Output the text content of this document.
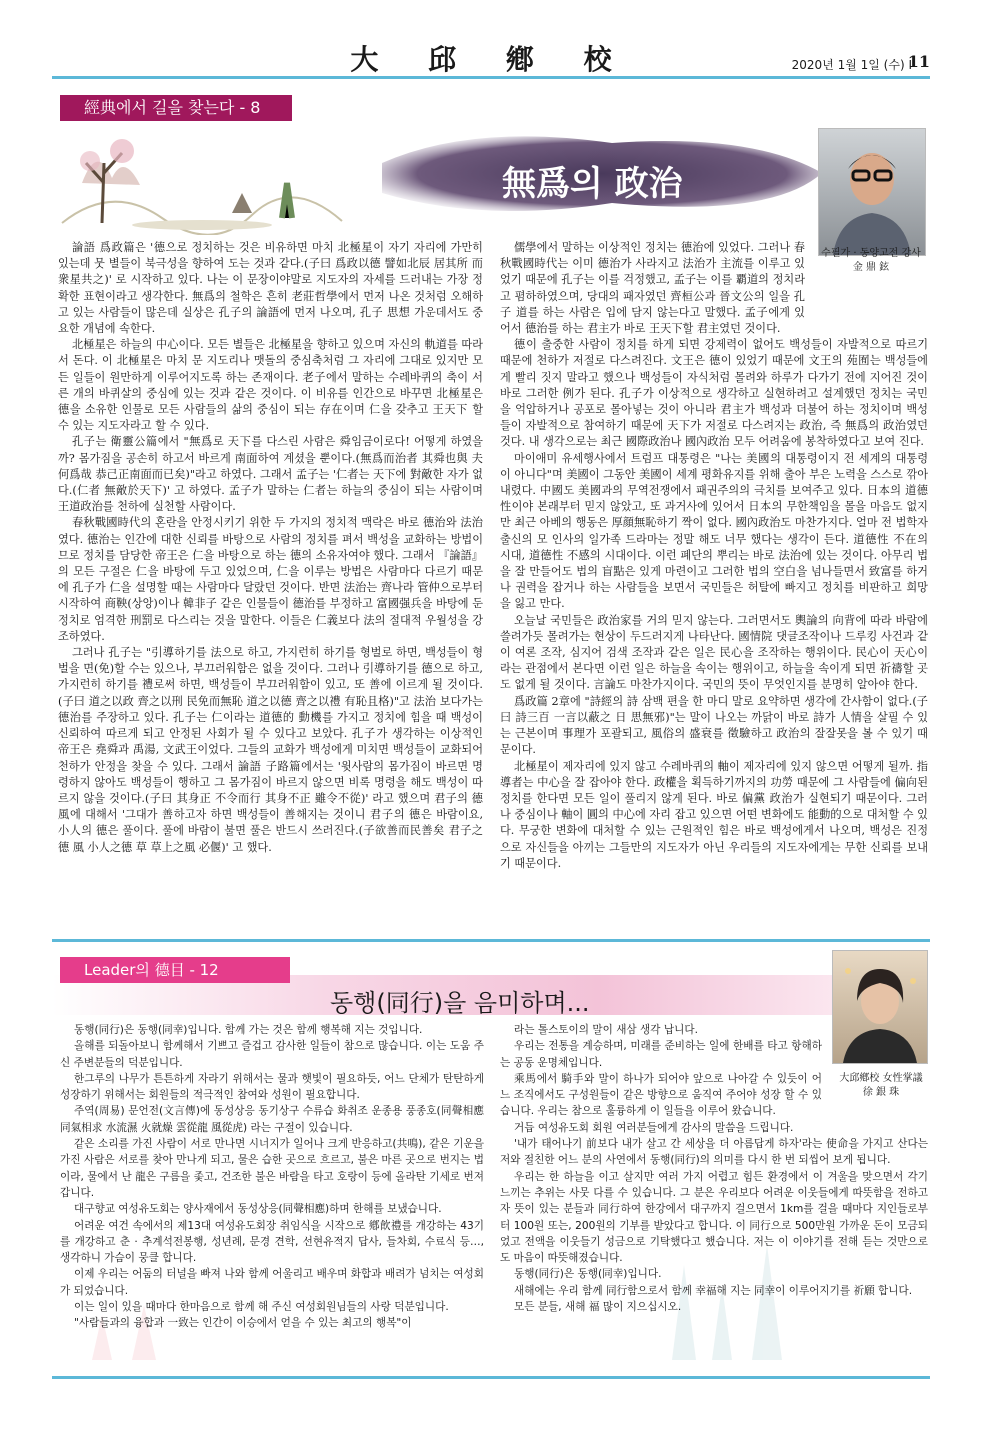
大 邱 鄕 校	2020년 1월 1일 (수) I
11
經典에서 길을 찾는다 - 8
無爲의 政治
수필가 · 동양고전 강사
金 鼎 鉉

論語 爲政篇은 '德으로 정치하는 것은 비유하면 마치 北極星이 자기 자리에 가만히 있는데 뭇 별들이 북극성을 향하여 도는 것과 같다.(子曰 爲政以德 譬如北辰 居其所 而衆星共之)' 로 시작하고 있다. 나는 이 문장이야말로 지도자의 자세를 드러내는 가장 정확한 표현이라고 생각한다. 無爲의 철학은 흔히 老莊哲學에서 먼저 나온 것처럼 오해하고 있는 사람들이 많은데 실상은 孔子의 論語에 먼저 나오며, 孔子 思想 가운데서도 중요한 개념에 속한다.

北極星은 하늘의 中心이다. 모든 별들은 北極星을 향하고 있으며 자신의 軌道를 따라서 돈다. 이 北極星은 마치 문 지도리나 맷돌의 중심축처럼 그 자리에 그대로 있지만 모든 일들이 원만하게 이루어지도록 하는 존재이다. 老子에서 말하는 수레바퀴의 축이 서른 개의 바퀴살의 중심에 있는 것과 같은 것이다. 이 비유를 인간으로 바꾸면 北極星은 德을 소유한 인물로 모든 사람들의 삶의 중심이 되는 存在이며 仁을 갖추고 王天下 할 수 있는 지도자라고 할 수 있다.

孔子는 衛靈公篇에서 "無爲로 天下를 다스린 사람은 舜임금이로다! 어떻게 하였을까? 몸가짐을 공손히 하고서 바르게 南面하여 계셨을 뿐이다.(無爲而治者 其舜也與 夫何爲哉 恭己正南面而已矣)"라고 하였다. 그래서 孟子는 '仁者는 天下에 對敵한 자가 없다.(仁者 無敵於天下)' 고 하였다. 孟子가 말하는 仁者는 하늘의 중심이 되는 사람이며 王道政治를 천하에 실천할 사람이다.

春秋戰國時代의 혼란을 안정시키기 위한 두 가지의 정치적 맥락은 바로 德治와 法治였다. 德治는 인간에 대한 신뢰를 바탕으로 사람의 정치를 펴서 백성을 교화하는 방법이므로 정치를 담당한 帝王은 仁을 바탕으로 하는 德의 소유자여야 했다. 그래서 『論語』의 모든 구절은 仁을 바탕에 두고 있었으며, 仁을 이루는 방법은 사람마다 다르기 때문에 孔子가 仁을 설명할 때는 사람마다 달랐던 것이다. 반면 法治는 齊나라 管仲으로부터 시작하여 商鞅(상앙)이나 韓非子 같은 인물들이 德治를 부정하고 富國强兵을 바탕에 둔 정치로 엄격한 刑罰로 다스리는 것을 말한다. 이들은 仁義보다 法의 절대적 우월성을 강조하였다.

그러나 孔子는 "引導하기를 法으로 하고, 가지런히 하기를 형벌로 하면, 백성들이 형벌을 면(免)할 수는 있으나, 부끄러워함은 없을 것이다. 그러나 引導하기를 德으로 하고, 가지런히 하기를 禮로써 하면, 백성들이 부끄러워함이 있고, 또 善에 이르게 될 것이다.(子曰 道之以政 齊之以刑 民免而無恥 道之以德 齊之以禮 有恥且格)"고 法治 보다가는 德治를 주장하고 있다. 孔子는 仁이라는 道德的 動機를 가지고 정치에 힘을 때 백성이 신뢰하여 따르게 되고 안정된 사회가 될 수 있다고 보았다. 孔子가 생각하는 이상적인 帝王은 堯舜과 禹湯, 文武王이었다. 그들의 교화가 백성에게 미치면 백성들이 교화되어 천하가 안정을 찾을 수 있다. 그래서 論語 子路篇에서는 '윗사람의 몸가짐이 바르면 명령하지 않아도 백성들이 행하고 그 몸가짐이 바르지 않으면 비록 명령을 해도 백성이 따르지 않을 것이다.(子曰 其身正 不令而行 其身不正 雖令不從)' 라고 했으며 君子의 德風에 대해서 '그대가 善하고자 하면 백성들이 善해지는 것이니 君子의 德은 바람이요, 小人의 德은 풀이다. 풀에 바람이 불면 풀은 반드시 쓰러진다.(子欲善而民善矣 君子之德 風 小人之德 草 草上之風 必偃)' 고 했다.

儒學에서 말하는 이상적인 정치는 德治에 있었다. 그러나 春秋戰國時代는 이미 德治가 사라지고 法治가 主流를 이루고 있었기 때문에 孔子는 이를 걱정했고, 孟子는 이를 覇道의 정치라고 폄하하였으며, 당대의 패자였던 齊桓公과 晉文公의 일을 孔子 道를 하는 사람은 입에 담지 않는다고 말했다. 孟子에게 있어서 德治를 하는 君主가 바로 王天下할 君主였던 것이다.

德이 출중한 사람이 정치를 하게 되면 강제력이 없어도 백성들이 자발적으로 따르기 때문에 천하가 저절로 다스려진다. 文王은 德이 있었기 때문에 文王의 苑囿는 백성들에게 빨리 짓지 말라고 했으나 백성들이 자식처럼 몰려와 하루가 다가기 전에 지어진 것이 바로 그러한 例가 된다. 孔子가 이상적으로 생각하고 실현하려고 설계했던 정치는 국민을 억압하거나 공포로 몰아넣는 것이 아니라 君主가 백성과 더불어 하는 정치이며 백성들이 자발적으로 참여하기 때문에 天下가 저절로 다스려지는 政治, 즉 無爲의 政治였던 것다. 내 생각으로는 최근 國際政治나 國內政治 모두 어려움에 봉착하였다고 보여 진다.

마이애미 유세행사에서 트럼프 대통령은 "나는 美國의 대통령이지 전 세계의 대통령이 아니다"며 美國이 그동안 美國이 세계 평화유지를 위해 출아 부은 노력을 스스로 깎아내렸다. 中國도 美國과의 무역전쟁에서 패권주의의 극치를 보여주고 있다. 日本의 道德性이야 본래부터 믿지 않았고, 또 과거사에 있어서 日本의 무한책임을 몰을 마음도 없지만 최근 아베의 행동은 厚顔無恥하기 짝이 없다. 國內政治도 마찬가지다. 얼마 전 법학자 출신의 모 인사의 일가족 드라마는 정말 해도 너무 했다는 생각이 든다. 道德性 不在의 시대, 道德性 不感의 시대이다. 이런 폐단의 뿌리는 바로 法治에 있는 것이다. 아무리 법을 잘 만들어도 법의 盲點은 있게 마련이고 그러한 법의 空白을 넘나들면서 致富를 하거나 권력을 잡거나 하는 사람들을 보면서 국민들은 허탈에 빠지고 정치를 비판하고 희망을 잃고 만다.

오늘날 국민들은 政治家를 거의 믿지 않는다. 그러면서도 輿論의 向背에 따라 바람에 쓸려가듯 몰려가는 현상이 두드러지게 나타난다. 國情院 댓글조작이나 드루킹 사건과 같이 여론 조작, 심지어 검색 조작과 같은 일은 民心을 조작하는 행위이다. 民心이 天心이라는 관점에서 본다면 이런 일은 하늘을 속이는 행위이고, 하늘을 속이게 되면 祈禱할 곳도 없게 될 것이다. 言論도 마찬가지이다. 국민의 뜻이 무엇인지를 분명히 알아야 한다.

爲政篇 2章에 "詩經의 詩 삼백 편을 한 마디 말로 요약하면 생각에 간사함이 없다.(子曰 詩三百 一言以蔽之 日 思無邪)"는 말이 나오는 까닭이 바로 詩가 人情을 살필 수 있는 근본이며 事理가 포괄되고, 風俗의 盛衰를 徵驗하고 政治의 잘잘못을 볼 수 있기 때문이다.

北極星이 제자리에 있지 않고 수레바퀴의 軸이 제자리에 있지 않으면 어떻게 될까. 指導者는 中心을 잘 잡아야 한다. 政權을 획득하기까지의 功勞 때문에 그 사람들에 偏向된 정치를 한다면 모든 일이 풀리지 않게 된다. 바로 偏黨 政治가 실현되기 때문이다. 그러나 중심이나 軸이 圓의 中心에 자리 잡고 있으면 어떤 변화에도 能動的으로 대처할 수 있다. 무궁한 변화에 대처할 수 있는 근원적인 힘은 바로 백성에게서 나오며, 백성은 진정으로 자신들을 아끼는 그들만의 지도자가 아닌 우리들의 지도자에게는 무한 신뢰를 보내기 때문이다.

Leader의 德目 - 12
동행(同行)을 음미하며...
大邱鄕校 女性掌議
徐 銀 珠

동행(同行)은 동행(同幸)입니다. 함께 가는 것은 함께 행복해 지는 것입니다.

올해를 되돌아보니 함께해서 기쁘고 즐겁고 감사한 일들이 참으로 많습니다. 이는 도움 주신 주변분들의 덕분입니다.

한그루의 나무가 튼튼하게 자라기 위해서는 물과 햇빛이 필요하듯, 어느 단체가 탄탄하게 성장하기 위해서는 회원들의 적극적인 참여와 성원이 필요합니다.

주역(周易) 문언전(文言傳)에 동성상응 동기상구 수류습 화취조 운종용 풍종호(同聲相應 同氣相求 水流濕 火就燥 雲從龍 風從虎) 라는 구절이 있습니다.

같은 소리를 가진 사람이 서로 만나면 시너지가 일어나 크게 반응하고(共鳴), 같은 기운을 가진 사람은 서로를 찾아 만나게 되고, 물은 습한 곳으로 흐르고, 불은 마른 곳으로 번지는 법이라, 물에서 난 龍은 구름을 좇고, 건조한 불은 바람을 타고 호랑이 등에 올라탄 기세로 번져갑니다.

대구향교 여성유도회는 양사재에서 동성상응(同聲相應)하며 한해를 보냈습니다.

어려운 여건 속에서의 제13대 여성유도회장 취임식을 시작으로 鄕飮禮를 개강하는 43기를 개강하고 춘 · 추계석전봉행, 성년례, 문경 견학, 선현유적지 답사, 들차회, 수료식 등…, 생각하니 가슴이 뭉클 합니다.

이제 우리는 어둠의 터널을 빠져 나와 함께 어울리고 배우며 화합과 배려가 넘치는 여성회가 되었습니다.

이는 일이 있을 때마다 한마음으로 함께 해 주신 여성회원님들의 사랑 덕분입니다.

"사람들과의 융합과 一致는 인간이 이승에서 얻을 수 있는 최고의 행복"이

라는 톨스토이의 말이 새삼 생각 납니다.

우리는 전통을 계승하며, 미래를 준비하는 일에 한배를 타고 항해하는 공동 운명체입니다.

乘馬에서 騎手와 말이 하나가 되어야 앞으로 나아갈 수 있듯이 어느 조직에서도 구성원들이 같은 방향으로 움직여 주어야 성장 할 수 있습니다. 우리는 참으로 훌륭하게 이 일들을 이루어 왔습니다.

거듭 여성유도회 회원 여러분들에게 감사의 말씀을 드립니다.

'내가 태어나기 前보다 내가 살고 간 세상을 더 아름답게 하자'라는 使命을 가지고 산다는 저와 절친한 어느 분의 사연에서 동행(同行)의 의미를 다시 한 번 되씹어 보게 됩니다.

우리는 한 하늘을 이고 살지만 여러 가지 어렵고 힘든 환경에서 이 겨울을 맞으면서 각기 느끼는 추위는 사뭇 다를 수 있습니다. 그 분은 우리보다 어려운 이웃들에게 따뜻함을 전하고자 뜻이 있는 분들과 同行하여 한강에서 대구까지 걸으면서 1km를 걸을 때마다 지인들로부터 100원 또는, 200원의 기부를 받았다고 합니다. 이 同行으로 500만원 가까운 돈이 모금되었고 전액을 이웃들기 성금으로 기탁했다고 했습니다. 저는 이 이야기를 전해 듣는 것만으로도 마음이 따뜻해졌습니다.

동행(同行)은 동행(同幸)입니다.

새해에는 우리 함께 同行함으로서 함께 幸福해 지는 同幸이 이루어지기를 祈願 합니다.

모든 분들, 새해 福 많이 지으십시오.
